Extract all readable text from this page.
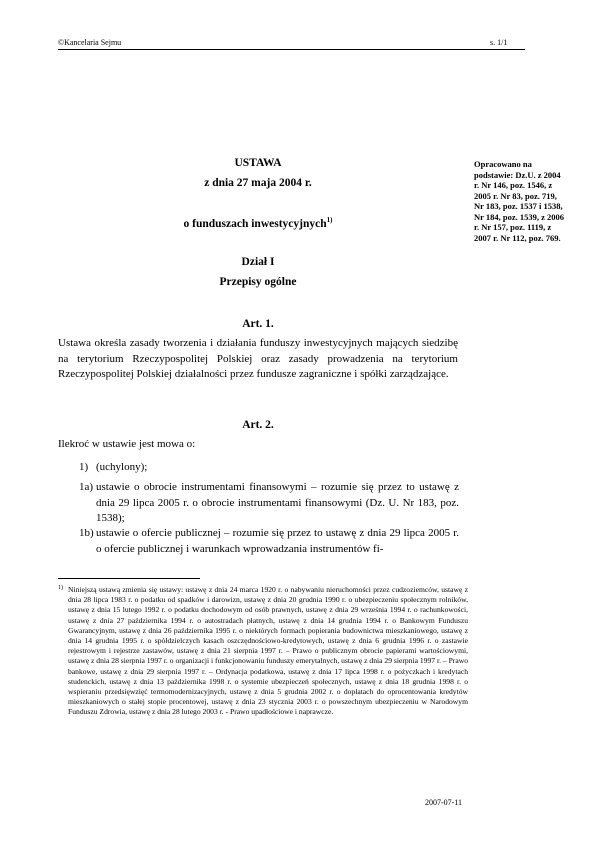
©Kancelaria Sejmu	s. 1/1
USTAWA
z dnia 27 maja 2004 r.
o funduszach inwestycyjnych$^{1)}$
Opracowano na podstawie: Dz.U. z 2004 r. Nr 146, poz. 1546, z 2005 r. Nr 83, poz. 719, Nr 183, poz. 1537 i 1538, Nr 184, poz. 1539, z 2006 r. Nr 157, poz. 1119, z 2007 r. Nr 112, poz. 769.
Dział I
Przepisy ogólne
Art. 1.
Ustawa określa zasady tworzenia i działania funduszy inwestycyjnych mających siedzibę na terytorium Rzeczypospolitej Polskiej oraz zasady prowadzenia na terytorium Rzeczypospolitej Polskiej działalności przez fundusze zagraniczne i spółki zarządzające.
Art. 2.
Ilekroć w ustawie jest mowa o:
1) (uchylony);
1a) ustawie o obrocie instrumentami finansowymi – rozumie się przez to ustawę z dnia 29 lipca 2005 r. o obrocie instrumentami finansowymi (Dz. U. Nr 183, poz. 1538);
1b) ustawie o ofercie publicznej – rozumie się przez to ustawę z dnia 29 lipca 2005 r. o ofercie publicznej i warunkach wprowadzania instrumentów fi-
1) Niniejszą ustawą zmienia się ustawy: ustawę z dnia 24 marca 1920 r. o nabywaniu nieruchomości przez cudzoziemców, ustawę z dnia 28 lipca 1983 r. o podatku od spadków i darowizn, ustawę z dnia 20 grudnia 1990 r. o ubezpieczeniu społecznym rolników, ustawę z dnia 15 lutego 1992 r. o podatku dochodowym od osób prawnych, ustawę z dnia 29 września 1994 r. o rachunkowości, ustawę z dnia 27 października 1994 r. o autostradach płatnych, ustawę z dnia 14 grudnia 1994 r. o Bankowym Funduszu Gwarancyjnym, ustawę z dnia 26 października 1995 r. o niektórych formach popierania budownictwa mieszkaniowego, ustawę z dnia 14 grudnia 1995 r. o spółdzielczych kasach oszczędnościowo-kredytowych, ustawę z dnia 6 grudnia 1996 r. o zastawie rejestrowym i rejestrze zastawów, ustawę z dnia 21 sierpnia 1997 r. – Prawo o publicznym obrocie papierami wartościowymi, ustawę z dnia 28 sierpnia 1997 r. o organizacji i funkcjonowaniu funduszy emerytalnych, ustawę z dnia 29 sierpnia 1997 r. – Prawo bankowe, ustawę z dnia 29 sierpnia 1997 r. – Ordynacja podatkowa, ustawę z dnia 17 lipca 1998 r. o pożyczkach i kredytach studenckich, ustawę z dnia 13 października 1998 r. o systemie ubezpieczeń społecznych, ustawę z dnia 18 grudnia 1998 r. o wspieraniu przedsięwzięć termomodernizacyjnych, ustawę z dnia 5 grudnia 2002 r. o dopłatach do oprocentowania kredytów mieszkaniowych o stałej stopie procentowej, ustawę z dnia 23 stycznia 2003 r. o powszechnym ubezpieczeniu w Narodowym Funduszu Zdrowia, ustawę z dnia 28 lutego 2003 r. - Prawo upadłościowe i naprawcze.
2007-07-11
